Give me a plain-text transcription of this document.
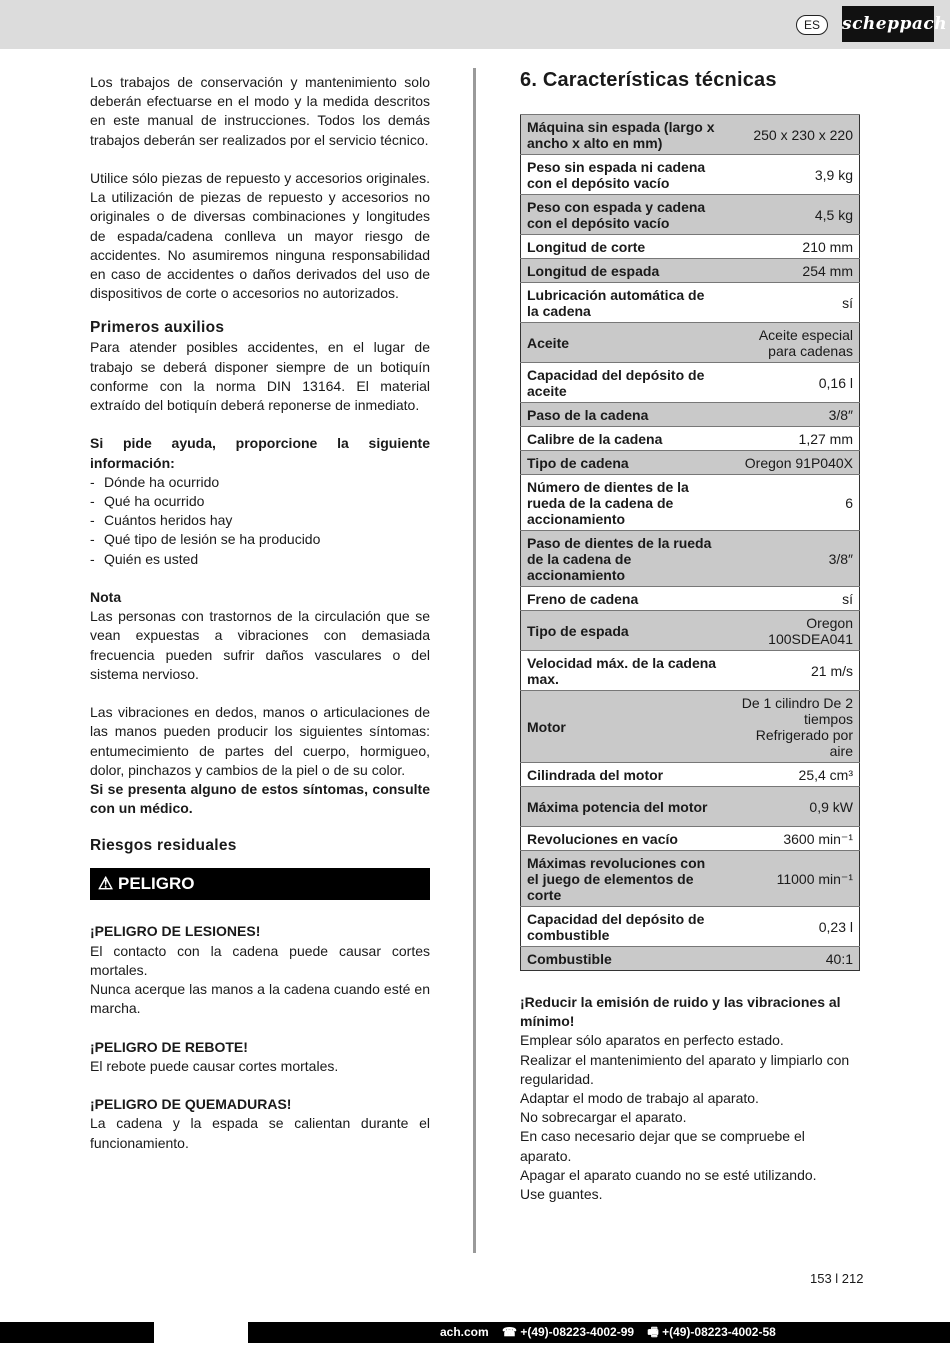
ES	scheppach

Los trabajos de conservación y mantenimiento solo deberán efectuarse en el modo y la medida descritos en este manual de instrucciones. Todos los demás trabajos deberán ser realizados por el servicio técnico.

Utilice sólo piezas de repuesto y accesorios originales. La utilización de piezas de repuesto y accesorios no originales o de diversas combinaciones y longitudes de espada/cadena conlleva un mayor riesgo de accidentes. No asumiremos ninguna responsabilidad en caso de accidentes o daños derivados del uso de dispositivos de corte o accesorios no autorizados.

Primeros auxilios

Para atender posibles accidentes, en el lugar de trabajo se deberá disponer siempre de un botiquín conforme con la norma DIN 13164. El material extraído del botiquín deberá reponerse de inmediato.

Si pide ayuda, proporcione la siguiente información:

- Dónde ha ocurrido
- Qué ha ocurrido
- Cuántos heridos hay
- Qué tipo de lesión se ha producido
- Quién es usted

Nota

Las personas con trastornos de la circulación que se vean expuestas a vibraciones con demasiada frecuencia pueden sufrir daños vasculares o del sistema nervioso.

Las vibraciones en dedos, manos o articulaciones de las manos pueden producir los siguientes síntomas: entumecimiento de partes del cuerpo, hormigueo, dolor, pinchazos y cambios de la piel o de su color.

Si se presenta alguno de estos síntomas, consulte con un médico.

Riesgos residuales
⚠ PELIGRO

¡PELIGRO DE LESIONES!

El contacto con la cadena puede causar cortes mortales.

Nunca acerque las manos a la cadena cuando esté en marcha.

¡PELIGRO DE REBOTE!

El rebote puede causar cortes mortales.

¡PELIGRO DE QUEMADURAS!

La cadena y la espada se calientan durante el funcionamiento.

6. Características técnicas
Máquina sin espada (largo x ancho x alto en mm)	250 x 230 x 220
Peso sin espada ni cadena con el depósito vacío	3,9 kg
Peso con espada y cadena con el depósito vacío	4,5 kg
Longitud de corte	210 mm
Longitud de espada	254 mm
Lubricación automática de la cadena	sí
Aceite	Aceite especial para cadenas
Capacidad del depósito de aceite	0,16 l
Paso de la cadena	3/8″
Calibre de la cadena	1,27 mm
Tipo de cadena	Oregon 91P040X
Número de dientes de la rueda de la cadena de accionamiento	6
Paso de dientes de la rueda de la cadena de accionamiento	3/8″
Freno de cadena	sí
Tipo de espada	Oregon 100SDEA041
Velocidad máx. de la cadena max.	21 m/s
Motor	De 1 cilindro De 2 tiempos Refrigerado por aire
Cilindrada del motor	25,4 cm³
Máxima potencia del motor	0,9 kW
Revoluciones en vacío	3600 min⁻¹
Máximas revoluciones con el juego de elementos de corte	11000 min⁻¹
Capacidad del depósito de combustible	0,23 l
Combustible	40:1

¡Reducir la emisión de ruido y las vibraciones al mínimo!

Emplear sólo aparatos en perfecto estado.

Realizar el mantenimiento del aparato y limpiarlo con regularidad.

Adaptar el modo de trabajo al aparato.

No sobrecargar el aparato.

En caso necesario dejar que se compruebe el aparato.

Apagar el aparato cuando no se esté utilizando.

Use guantes.

153 l 212
ach.com ☎ +(49)-08223-4002-99 🖷 +(49)-08223-4002-58
